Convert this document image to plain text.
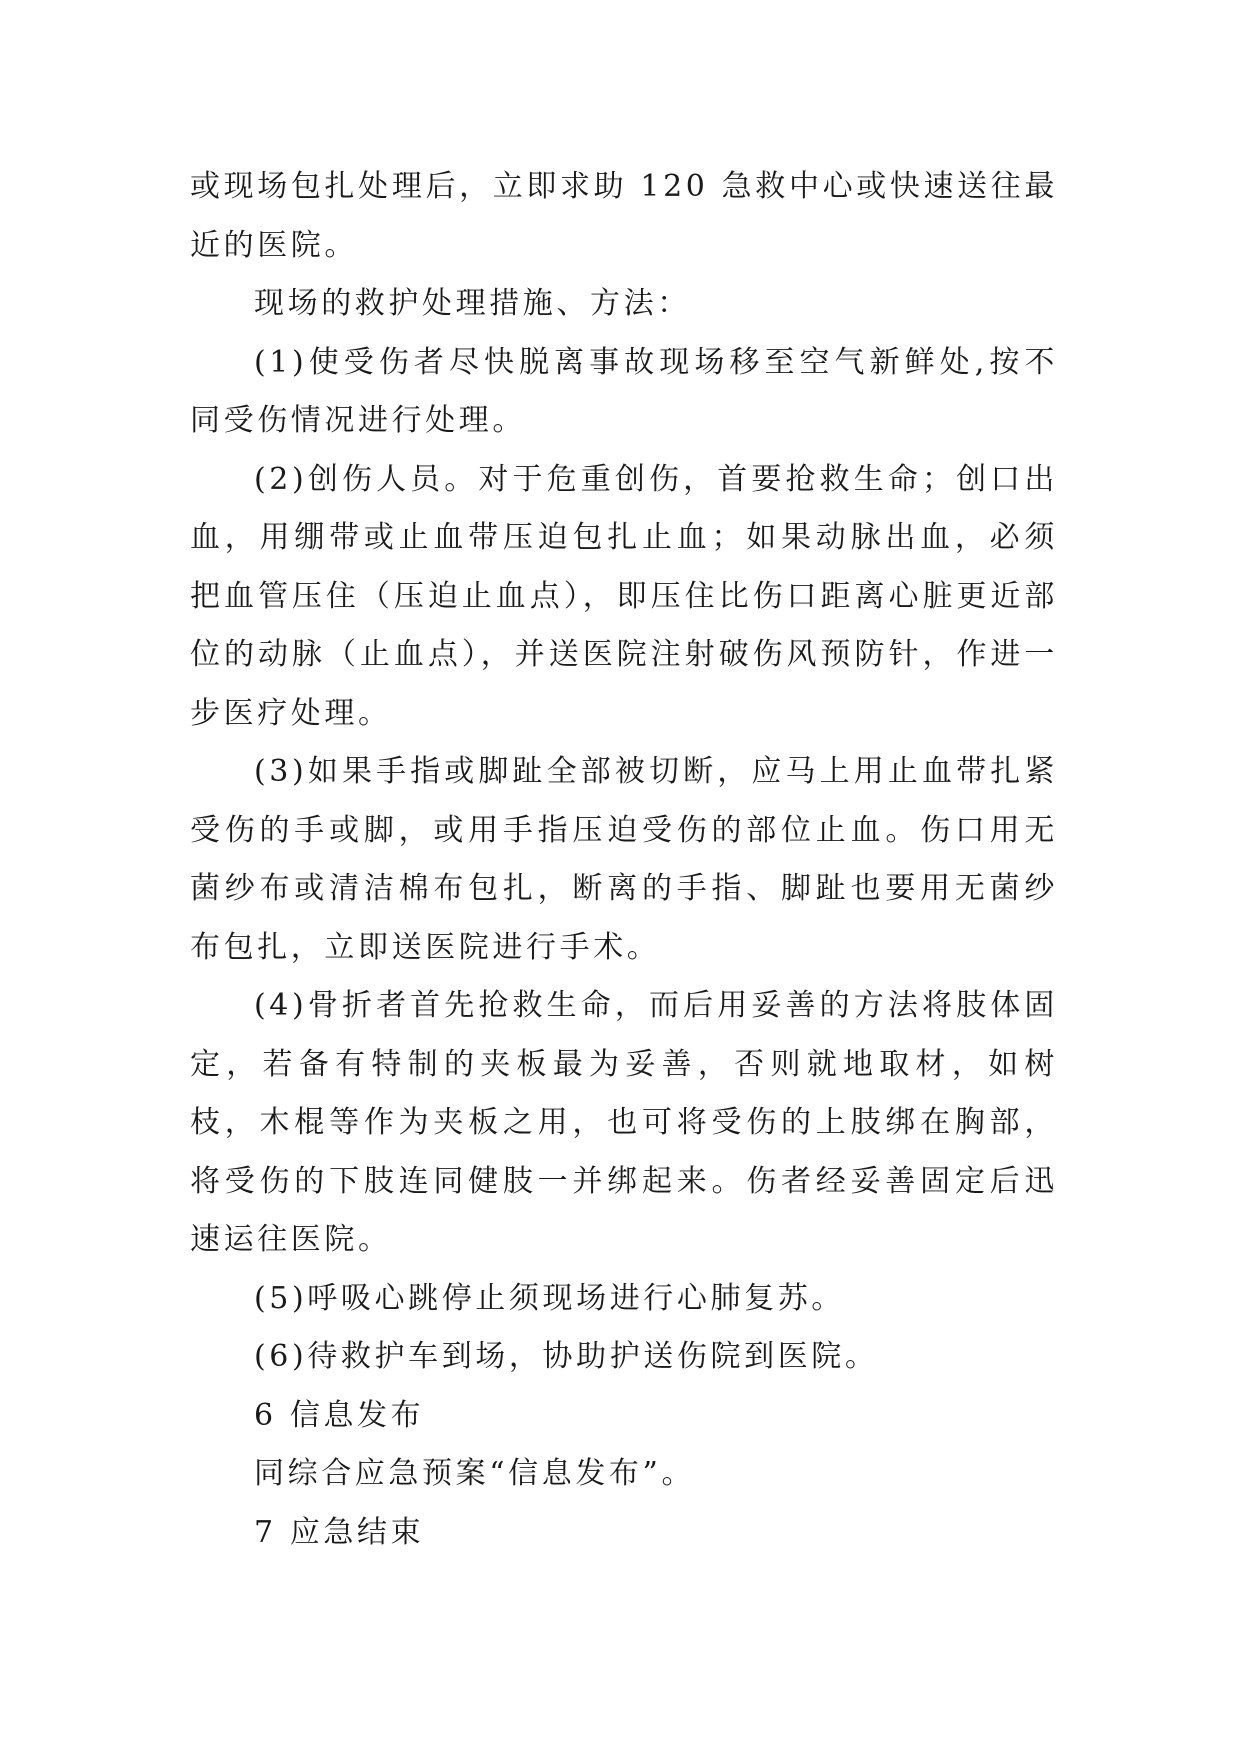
或现场包扎处理后，立即求助 120 急救中心或快速送往最近的医院。

现场的救护处理措施、方法：

(1)使受伤者尽快脱离事故现场移至空气新鲜处,按不同受伤情况进行处理。

(2)创伤人员。对于危重创伤，首要抢救生命；创口出血，用绷带或止血带压迫包扎止血；如果动脉出血，必须把血管压住（压迫止血点），即压住比伤口距离心脏更近部位的动脉（止血点），并送医院注射破伤风预防针，作进一步医疗处理。

(3)如果手指或脚趾全部被切断，应马上用止血带扎紧受伤的手或脚，或用手指压迫受伤的部位止血。伤口用无菌纱布或清洁棉布包扎，断离的手指、脚趾也要用无菌纱布包扎，立即送医院进行手术。

(4)骨折者首先抢救生命，而后用妥善的方法将肢体固定，若备有特制的夹板最为妥善，否则就地取材，如树枝，木棍等作为夹板之用，也可将受伤的上肢绑在胸部，将受伤的下肢连同健肢一并绑起来。伤者经妥善固定后迅速运往医院。

(5)呼吸心跳停止须现场进行心肺复苏。

(6)待救护车到场，协助护送伤院到医院。

6 信息发布

同综合应急预案“信息发布”。

7 应急结束
